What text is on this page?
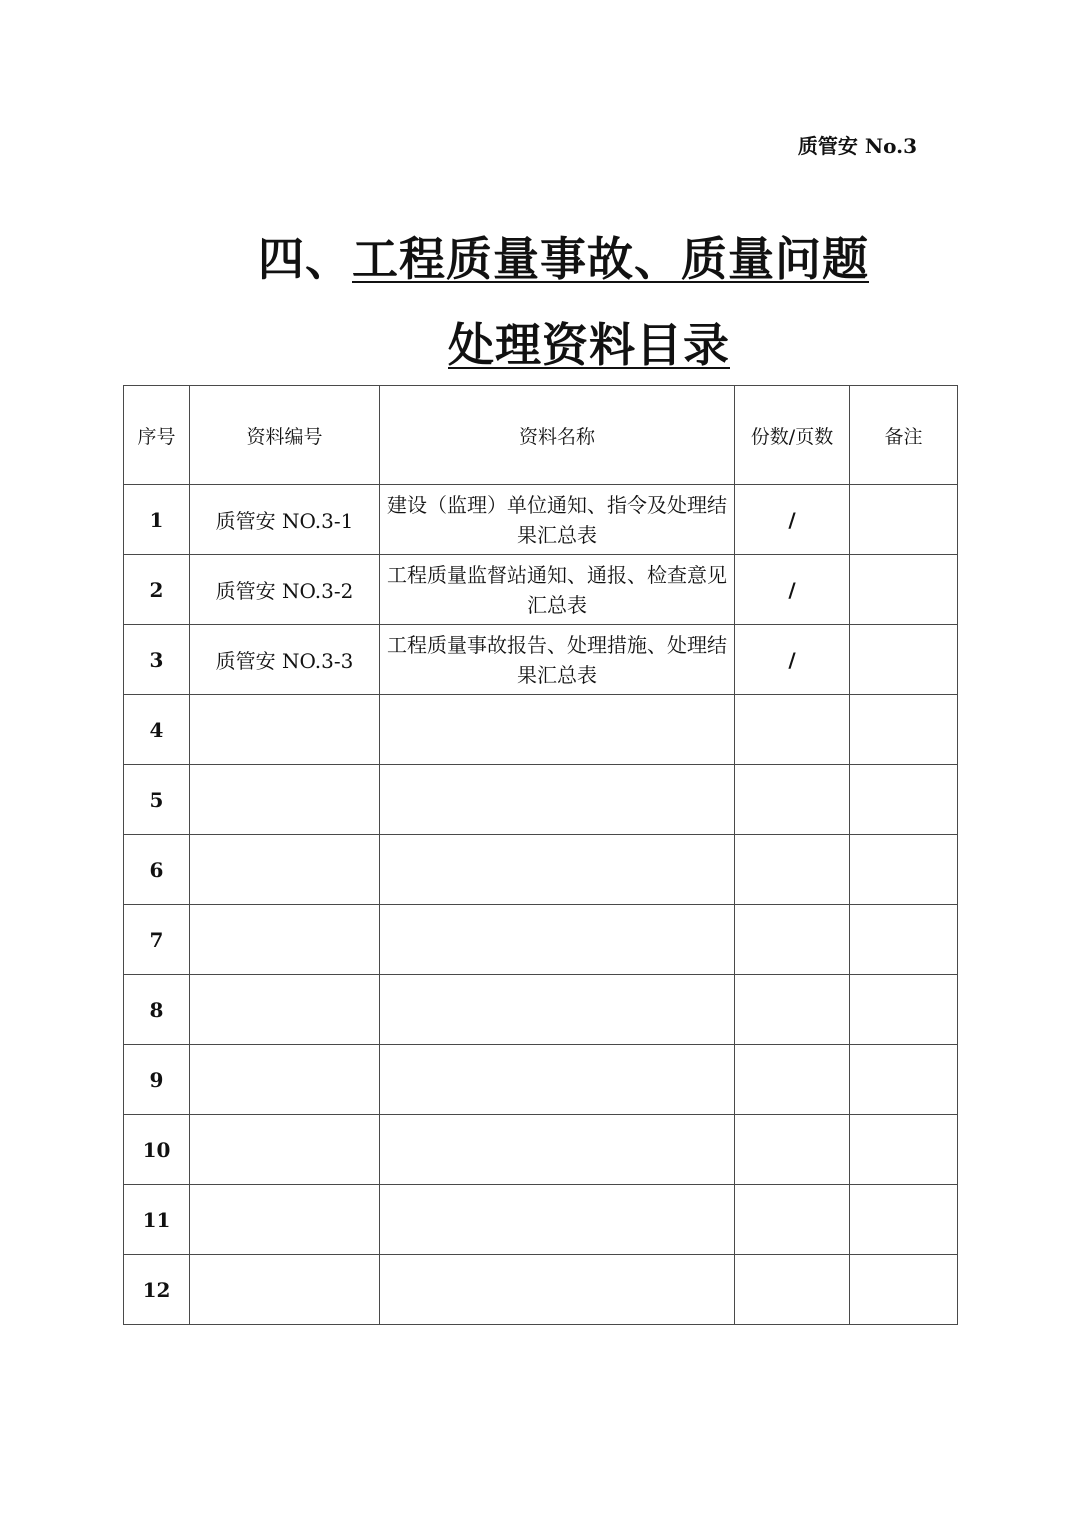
质管安 No.3
四、工程质量事故、质量问题
处理资料目录
序号	资料编号	资料名称	份数/页数	备注
1	质管安 NO.3-1	建设（监理）单位通知、指令及处理结果汇总表	/	
2	质管安 NO.3-2	工程质量监督站通知、通报、检查意见汇总表	/	
3	质管安 NO.3-3	工程质量事故报告、处理措施、处理结果汇总表	/	
4				
5				
6				
7				
8				
9				
10				
11				
12				
